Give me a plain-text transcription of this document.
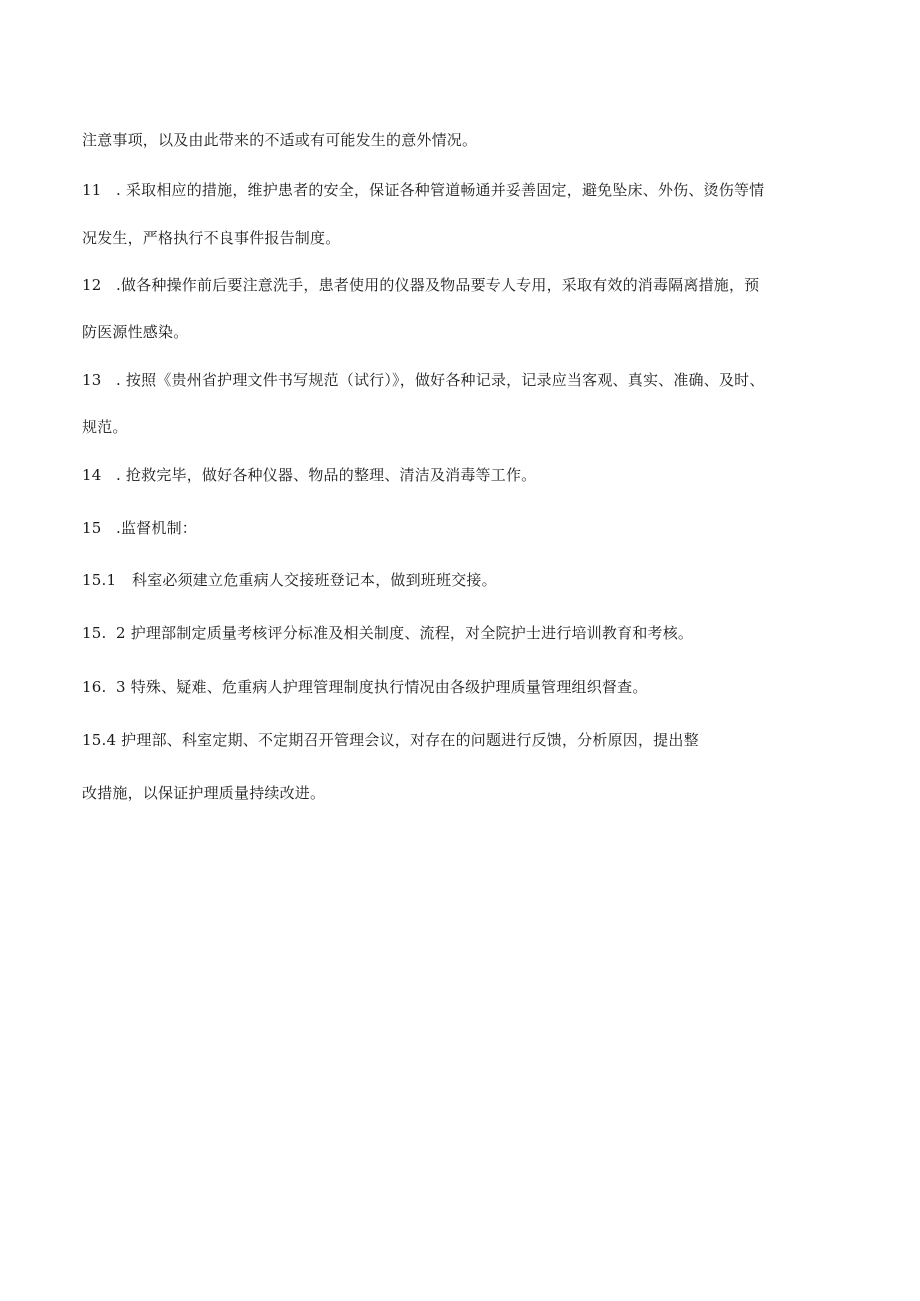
注意事项，以及由此带来的不适或有可能发生的意外情况。
11 . 采取相应的措施，维护患者的安全，保证各种管道畅通并妥善固定，避免坠床、外伤、烫伤等情
况发生，严格执行不良事件报告制度。
12 .做各种操作前后要注意洗手，患者使用的仪器及物品要专人专用，采取有效的消毒隔离措施，预
防医源性感染。
13 . 按照《贵州省护理文件书写规范（试行）》，做好各种记录，记录应当客观、真实、准确、及时、
规范。
14 . 抢救完毕，做好各种仪器、物品的整理、清洁及消毒等工作。
15 .监督机制：
15.1 科室必须建立危重病人交接班登记本，做到班班交接。
15. 2 护理部制定质量考核评分标准及相关制度、流程，对全院护士进行培训教育和考核。
16. 3 特殊、疑难、危重病人护理管理制度执行情况由各级护理质量管理组织督查。
15.4 护理部、科室定期、不定期召开管理会议，对存在的问题进行反馈，分析原因，提出整
改措施，以保证护理质量持续改进。
